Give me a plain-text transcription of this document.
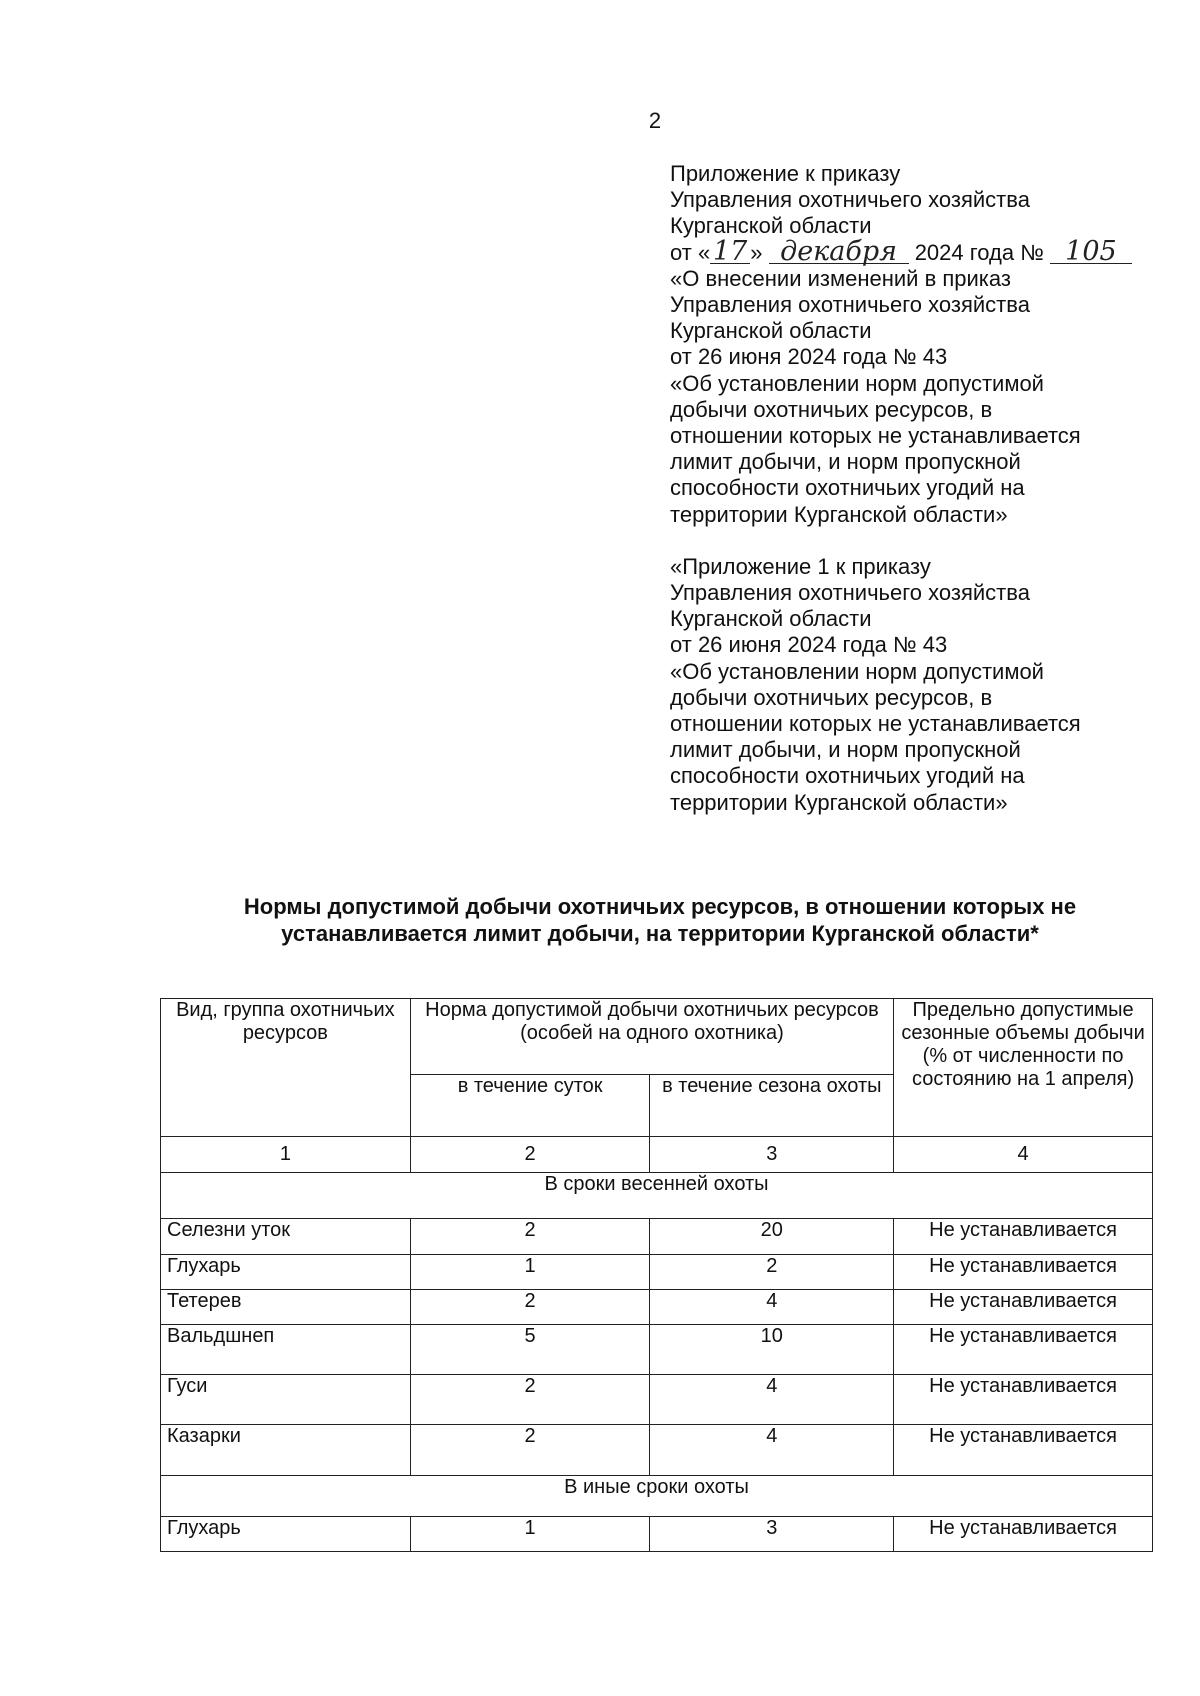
2
Приложение к приказу
Управления охотничьего хозяйства
Курганской области
от « 17 » декабря 2024 года № 105
«О внесении изменений в приказ
Управления охотничьего хозяйства
Курганской области
от 26 июня 2024 года № 43
«Об установлении норм допустимой
добычи охотничьих ресурсов, в
отношении которых не устанавливается
лимит добычи, и норм пропускной
способности охотничьих угодий на
территории Курганской области»
«Приложение 1 к приказу
Управления охотничьего хозяйства
Курганской области
от 26 июня 2024 года № 43
«Об установлении норм допустимой
добычи охотничьих ресурсов, в
отношении которых не устанавливается
лимит добычи, и норм пропускной
способности охотничьих угодий на
территории Курганской области»
Нормы допустимой добычи охотничьих ресурсов, в отношении которых не
устанавливается лимит добычи, на территории Курганской области*
Вид, группа охотничьих ресурсов	Норма допустимой добычи охотничьих ресурсов (особей на одного охотника)		Предельно допустимые сезонные объемы добычи (% от численности по состоянию на 1 апреля)
	в течение суток	в течение сезона охоты	
1	2	3	4
В сроки весенней охоты			
Селезни уток	2	20	Не устанавливается
Глухарь	1	2	Не устанавливается
Тетерев	2	4	Не устанавливается
Вальдшнеп	5	10	Не устанавливается
Гуси	2	4	Не устанавливается
Казарки	2	4	Не устанавливается
В иные сроки охоты			
Глухарь	1	3	Не устанавливается
